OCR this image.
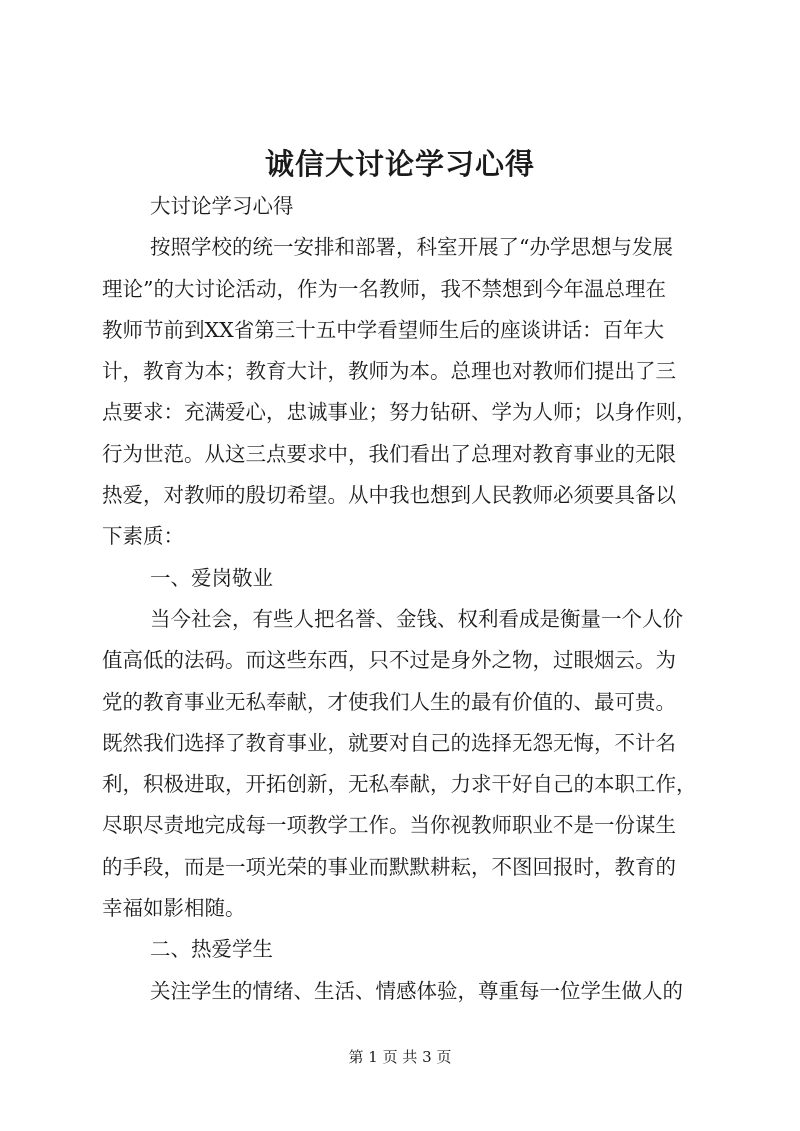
诚信大讨论学习心得
大讨论学习心得
按照学校的统一安排和部署，科室开展了“办学思想与发展
理论”的大讨论活动，作为一名教师，我不禁想到今年温总理在
教师节前到XX省第三十五中学看望师生后的座谈讲话：百年大
计，教育为本；教育大计，教师为本。总理也对教师们提出了三
点要求：充满爱心，忠诚事业；努力钻研、学为人师；以身作则，
行为世范。从这三点要求中，我们看出了总理对教育事业的无限
热爱，对教师的殷切希望。从中我也想到人民教师必须要具备以
下素质：
一、爱岗敬业
当今社会，有些人把名誉、金钱、权利看成是衡量一个人价
值高低的法码。而这些东西，只不过是身外之物，过眼烟云。为
党的教育事业无私奉献，才使我们人生的最有价值的、最可贵。
既然我们选择了教育事业，就要对自己的选择无怨无悔，不计名
利，积极进取，开拓创新，无私奉献，力求干好自己的本职工作，
尽职尽责地完成每一项教学工作。当你视教师职业不是一份谋生
的手段，而是一项光荣的事业而默默耕耘，不图回报时，教育的
幸福如影相随。
二、热爱学生
关注学生的情绪、生活、情感体验，尊重每一位学生做人的
第 1 页 共 3 页
